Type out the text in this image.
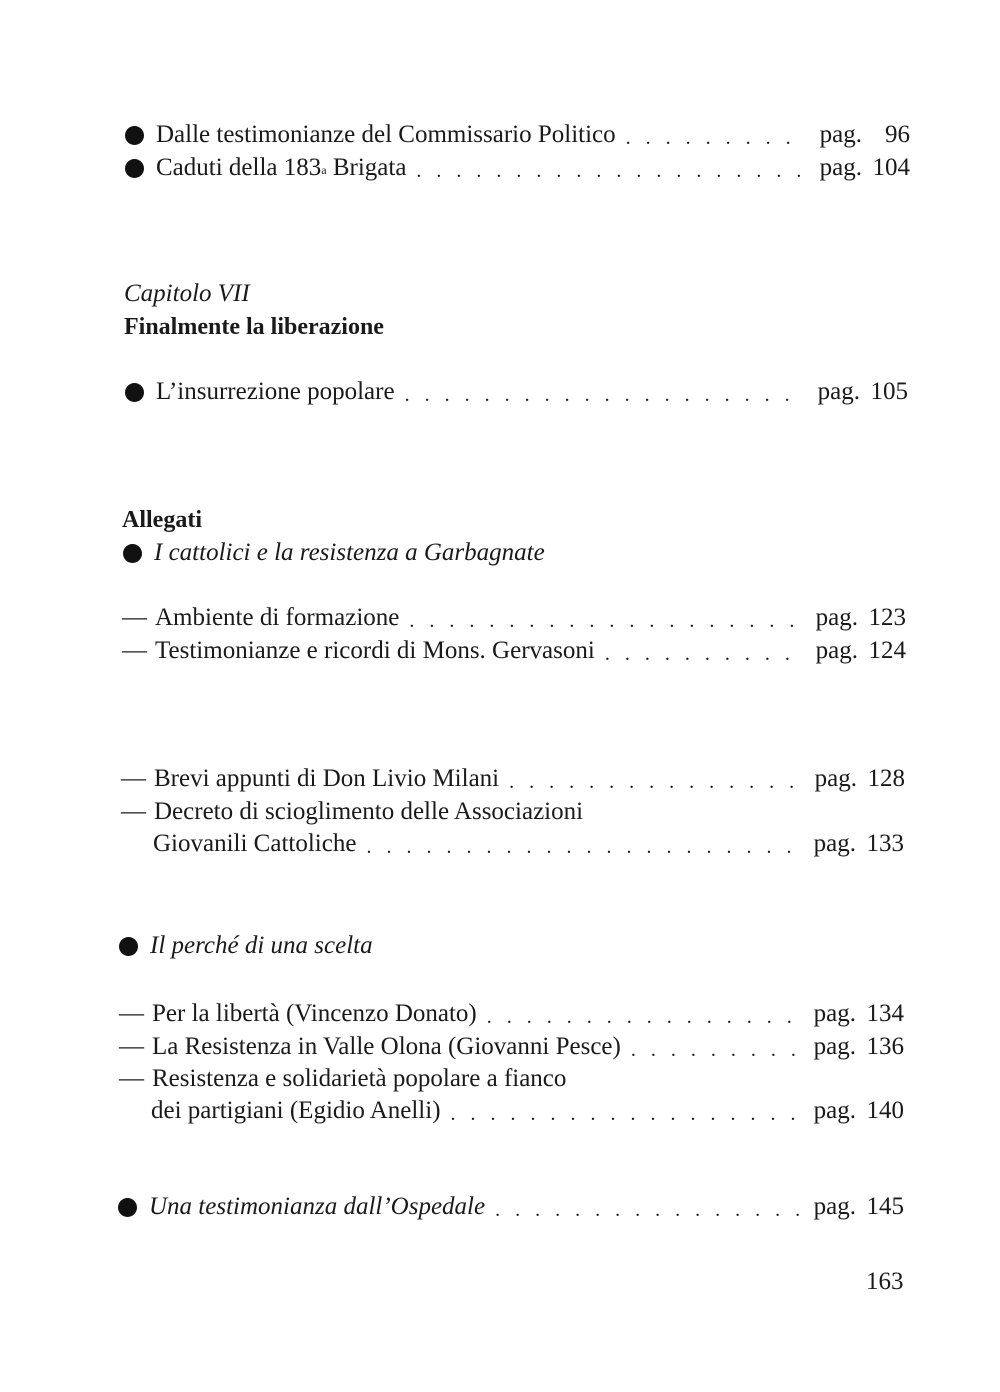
Dalle testimonianze del Commissario Politico . . .	pag. 96
Caduti della 183$^a$ Brigata . . .	pag. 104
Capitolo VII
Finalmente la liberazione
L’insurrezione popolare . . .	pag. 105
Allegati
I cattolici e la resistenza a Garbagnate
— Ambiente di formazione . . .	pag. 123
— Testimonianze e ricordi di Mons. Gervasoni . . .	pag. 124
— Brevi appunti di Don Livio Milani . . .	pag. 128
— Decreto di scioglimento delle Associazioni
Giovanili Cattoliche . . .	pag. 133
Il perché di una scelta
— Per la libertà (Vincenzo Donato) . . .	pag. 134
— La Resistenza in Valle Olona (Giovanni Pesce) . . .	pag. 136
— Resistenza e solidarietà popolare a fianco
dei partigiani (Egidio Anelli) . . .	pag. 140
Una testimonianza dall’Ospedale . . .	pag. 145
163
